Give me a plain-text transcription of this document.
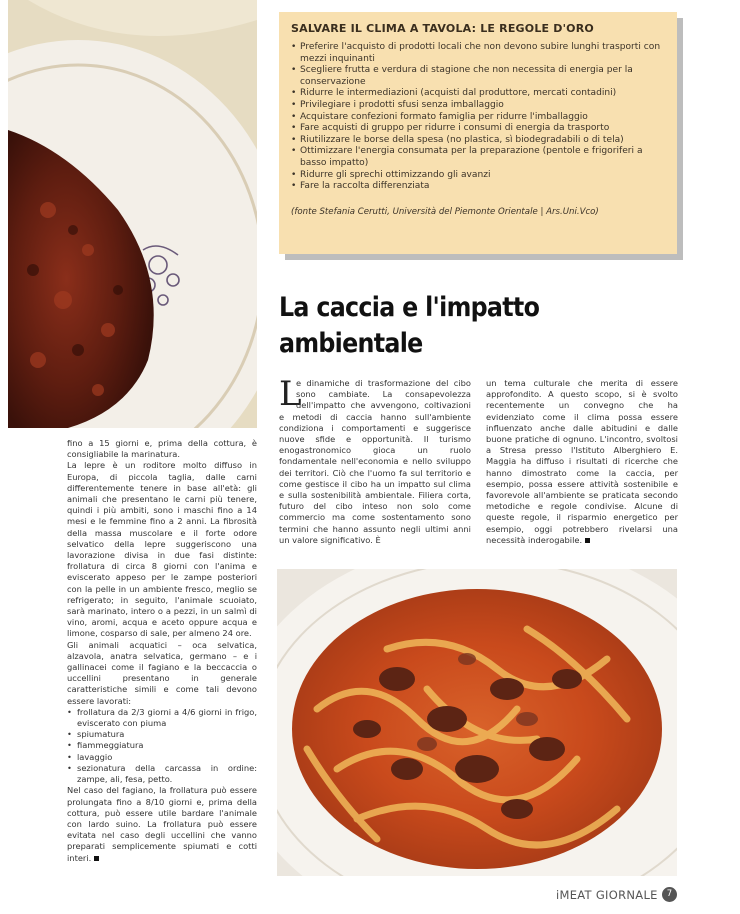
SALVARE IL CLIMA A TAVOLA: LE REGOLE D'ORO
• Preferire l'acquisto di prodotti locali che non devono subire lunghi trasporti con mezzi inquinanti
• Scegliere frutta e verdura di stagione che non necessita di energia per la conservazione
• Ridurre le intermediazioni (acquisti dal produttore, mercati contadini)
• Privilegiare i prodotti sfusi senza imballaggio
• Acquistare confezioni formato famiglia per ridurre l'imballaggio
• Fare acquisti di gruppo per ridurre i consumi di energia da trasporto
• Riutilizzare le borse della spesa (no plastica, sì biodegradabili o di tela)
• Ottimizzare l'energia consumata per la preparazione (pentole e frigoriferi a basso impatto)
• Ridurre gli sprechi ottimizzando gli avanzi
• Fare la raccolta differenziata
(fonte Stefania Cerutti, Università del Piemonte Orientale | Ars.Uni.Vco)
La caccia e l'impatto ambientale

fino a 15 giorni e, prima della cottura, è consigliabile la marinatura.

La lepre è un roditore molto diffuso in Europa, di piccola taglia, dalle carni differentemente tenere in base all'età: gli animali che presentano le carni più tenere, quindi i più ambiti, sono i maschi fino a 14 mesi e le femmine fino a 2 anni. La fibrosità della massa muscolare e il forte odore selvatico della lepre suggeriscono una lavorazione divisa in due fasi distinte: frollatura di circa 8 giorni con l'anima e eviscerato appeso per le zampe posteriori con la pelle in un ambiente fresco, meglio se refrigerato; in seguito, l'animale scuoiato, sarà marinato, intero o a pezzi, in un salmì di vino, aromi, acqua e aceto oppure acqua e limone, cosparso di sale, per almeno 24 ore.

Gli animali acquatici – oca selvatica, alzavola, anatra selvatica, germano – e i gallinacei come il fagiano e la beccaccia o uccellini presentano in generale caratteristiche simili e come tali devono essere lavorati:

• frollatura da 2/3 giorni a 4/6 giorni in frigo, eviscerato con piuma
• spiumatura
• fiammeggiatura
• lavaggio
• sezionatura della carcassa in ordine: zampe, ali, fesa, petto.

Nel caso del fagiano, la frollatura può essere prolungata fino a 8/10 giorni e, prima della cottura, può essere utile bardare l'animale con lardo suino. La frollatura può essere evitata nel caso degli uccellini che vanno preparati semplicemente spiumati e cotti interi.

L
e dinamiche di trasformazione del cibo sono cambiate. La consapevolezza dell'impatto che avvengono, coltivazioni e metodi di caccia hanno sull'ambiente condiziona i comportamenti e suggerisce nuove sfide e opportunità. Il turismo enogastronomico gioca un ruolo fondamentale nell'economia e nello sviluppo dei territori. Ciò che l'uomo fa sul territorio e come gestisce il cibo ha un impatto sul clima e sulla sostenibilità ambientale. Filiera corta, futuro del cibo inteso non solo come commercio ma come sostentamento sono termini che hanno assunto negli ultimi anni un valore significativo. È

un tema culturale che merita di essere approfondito. A questo scopo, si è svolto recentemente un convegno che ha evidenziato come il clima possa essere influenzato anche dalle abitudini e dalle buone pratiche di ognuno. L'incontro, svoltosi a Stresa presso l'Istituto Alberghiero E. Maggia ha diffuso i risultati di ricerche che hanno dimostrato come la caccia, per esempio, possa essere attività sostenibile e favorevole all'ambiente se praticata secondo metodiche e regole condivise. Alcune di queste regole, il risparmio energetico per esempio, oggi potrebbero rivelarsi una necessità inderogabile.

iMEAT GIORNALE	7
